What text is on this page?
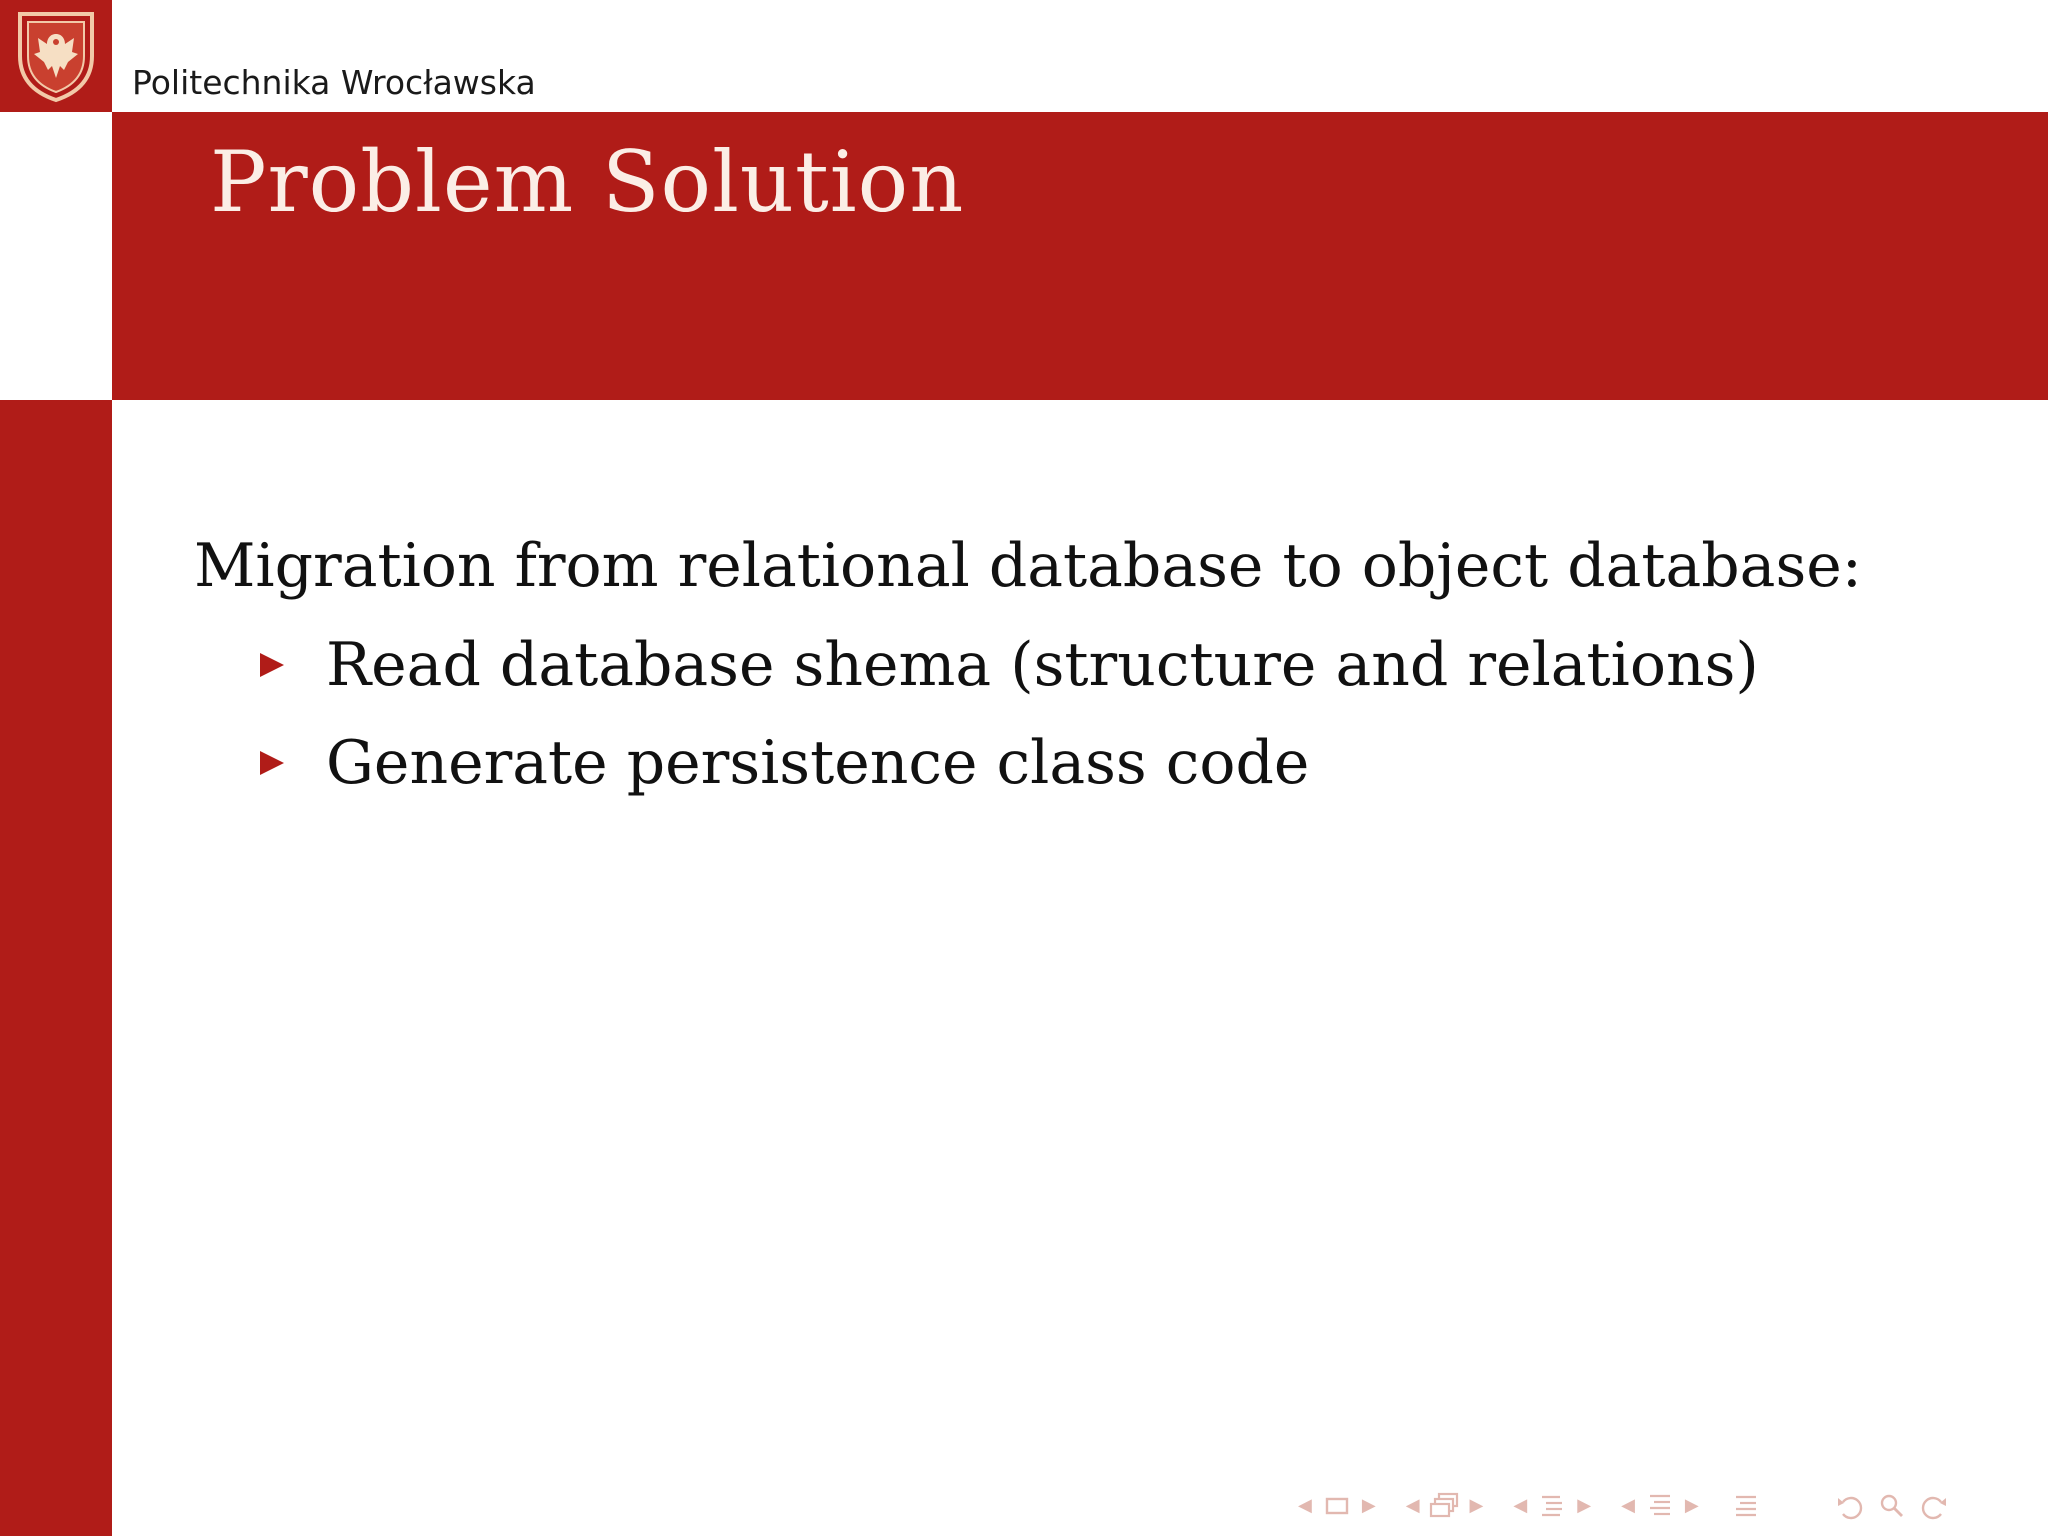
Politechnika Wrocławska
Problem Solution
Migration from relational database to object database:
Read database shema (structure and relations)
Generate persistence class code
◀	▶ ◀	▶ ◀	▶ ◀	▶
